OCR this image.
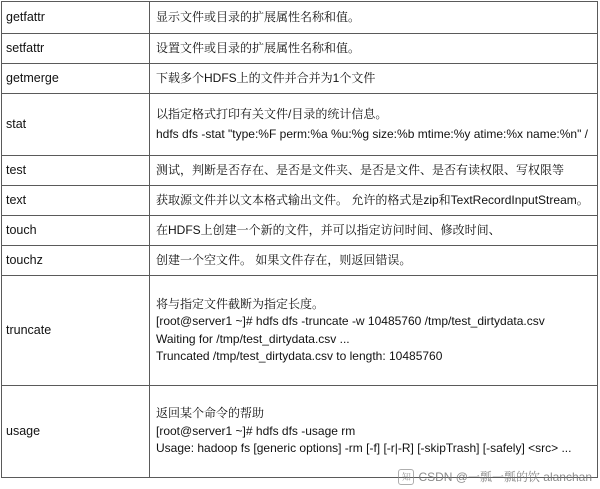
getfattr	显示文件或目录的扩展属性名称和值。

setfattr	设置文件或目录的扩展属性名称和值。

getmerge	下载多个HDFS上的文件并合并为1个文件

stat	以指定格式打印有关文件/目录的统计信息。
hdfs dfs -stat "type:%F perm:%a %u:%g size:%b mtime:%y atime:%x name:%n" /

test	测试，判断是否存在、是否是文件夹、是否是文件、是否有读权限、写权限等

text	获取源文件并以文本格式输出文件。 允许的格式是zip和TextRecordInputStream。

touch	在HDFS上创建一个新的文件，并可以指定访问时间、修改时间、

touchz	创建一个空文件。 如果文件存在，则返回错误。

truncate	将与指定文件截断为指定长度。
[root@server1 ~]# hdfs dfs -truncate -w 10485760 /tmp/test_dirtydata.csv
Waiting for /tmp/test_dirtydata.csv ...
Truncated /tmp/test_dirtydata.csv to length: 10485760

usage	返回某个命令的帮助
[root@server1 ~]# hdfs dfs -usage rm
Usage: hadoop fs [generic options] -rm [-f] [-r|-R] [-skipTrash] [-safely] <src> ...
知 CSDN @一瓢一瓢的饮 alanchan
